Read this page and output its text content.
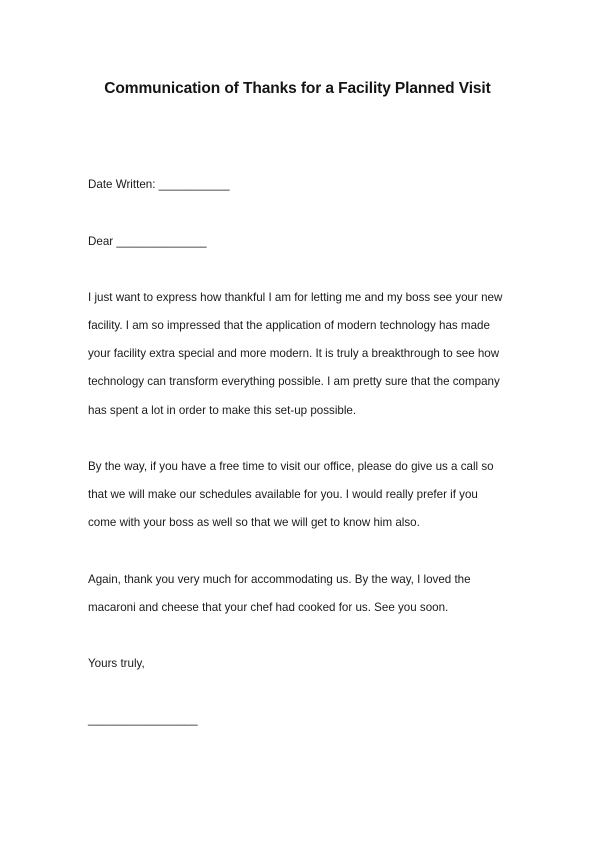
Communication of Thanks for a Facility Planned Visit
Date Written: ___________
Dear ______________
I just want to express how thankful I am for letting me and my boss see your new
facility. I am so impressed that the application of modern technology has made
your facility extra special and more modern. It is truly a breakthrough to see how
technology can transform everything possible. I am pretty sure that the company
has spent a lot in order to make this set-up possible.
By the way, if you have a free time to visit our office, please do give us a call so
that we will make our schedules available for you. I would really prefer if you
come with your boss as well so that we will get to know him also.
Again, thank you very much for accommodating us. By the way, I loved the
macaroni and cheese that your chef had cooked for us. See you soon.
Yours truly,
_________________
